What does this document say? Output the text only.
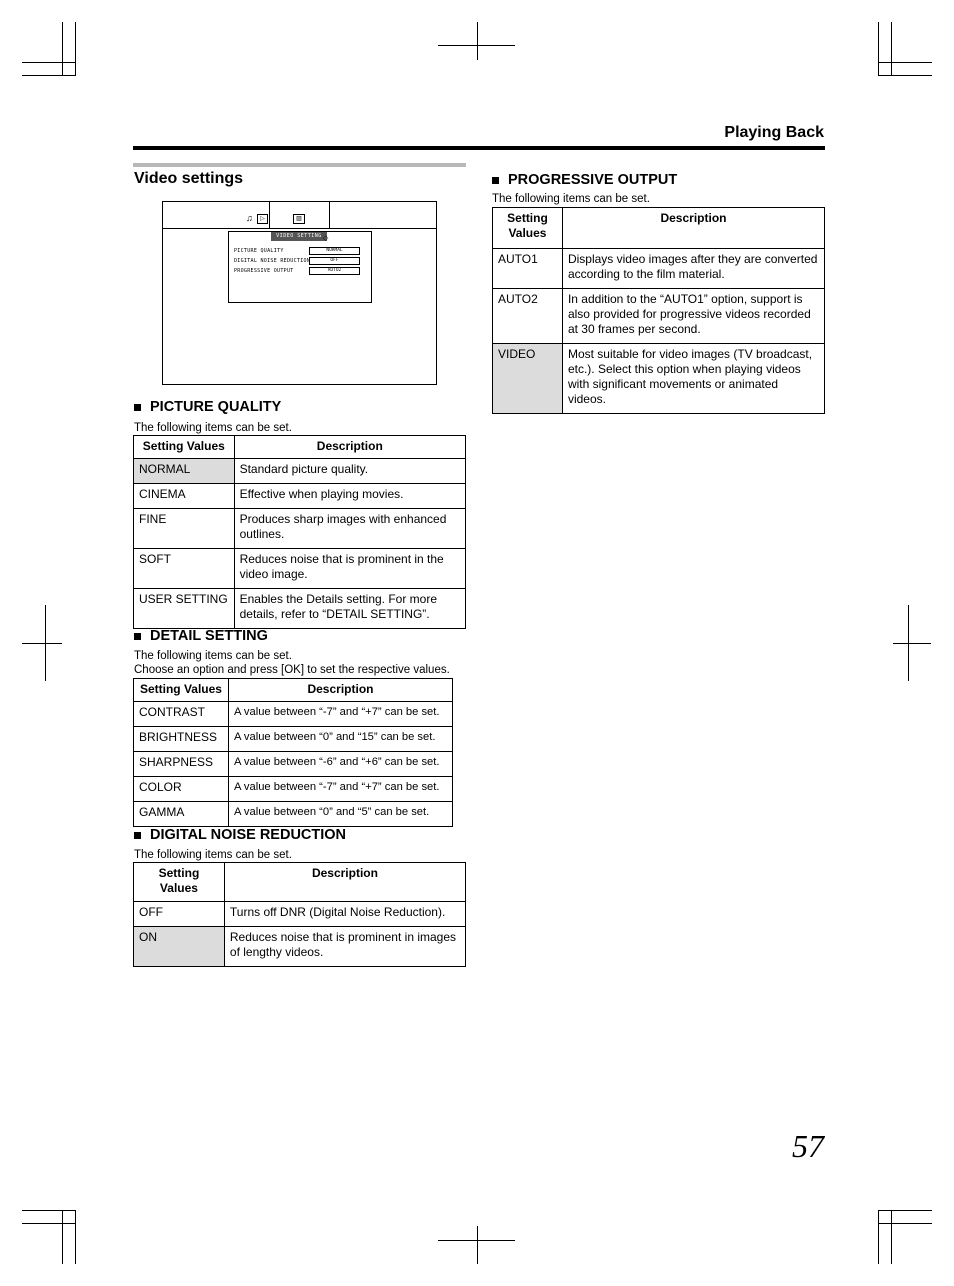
Playing Back
Video settings
♫	▷	▨
VIDEO SETTING ◇
PICTURE QUALITY	NORMAL
DIGITAL NOISE REDUCTION	OFF
PROGRESSIVE OUTPUT	AUTO2
PICTURE QUALITY
The following items can be set.
Setting Values	Description
NORMAL	Standard picture quality.
CINEMA	Effective when playing movies.
FINE	Produces sharp images with enhanced outlines.
SOFT	Reduces noise that is prominent in the video image.
USER SETTING	Enables the Details setting. For more details, refer to “DETAIL SETTING”.
DETAIL SETTING
The following items can be set.
Choose an option and press [OK] to set the respective values.
Setting Values	Description
CONTRAST	A value between “-7” and “+7” can be set.
BRIGHTNESS	A value between “0” and “15” can be set.
SHARPNESS	A value between “-6” and “+6” can be set.
COLOR	A value between “-7” and “+7” can be set.
GAMMA	A value between “0” and “5” can be set.
DIGITAL NOISE REDUCTION
The following items can be set.
Setting Values	Description
OFF	Turns off DNR (Digital Noise Reduction).
ON	Reduces noise that is prominent in images of lengthy videos.
PROGRESSIVE OUTPUT
The following items can be set.
Setting Values	Description
AUTO1	Displays video images after they are converted according to the film material.
AUTO2	In addition to the “AUTO1” option, support is also provided for progressive videos recorded at 30 frames per second.
VIDEO	Most suitable for video images (TV broadcast, etc.). Select this option when playing videos with significant movements or animated videos.
57
